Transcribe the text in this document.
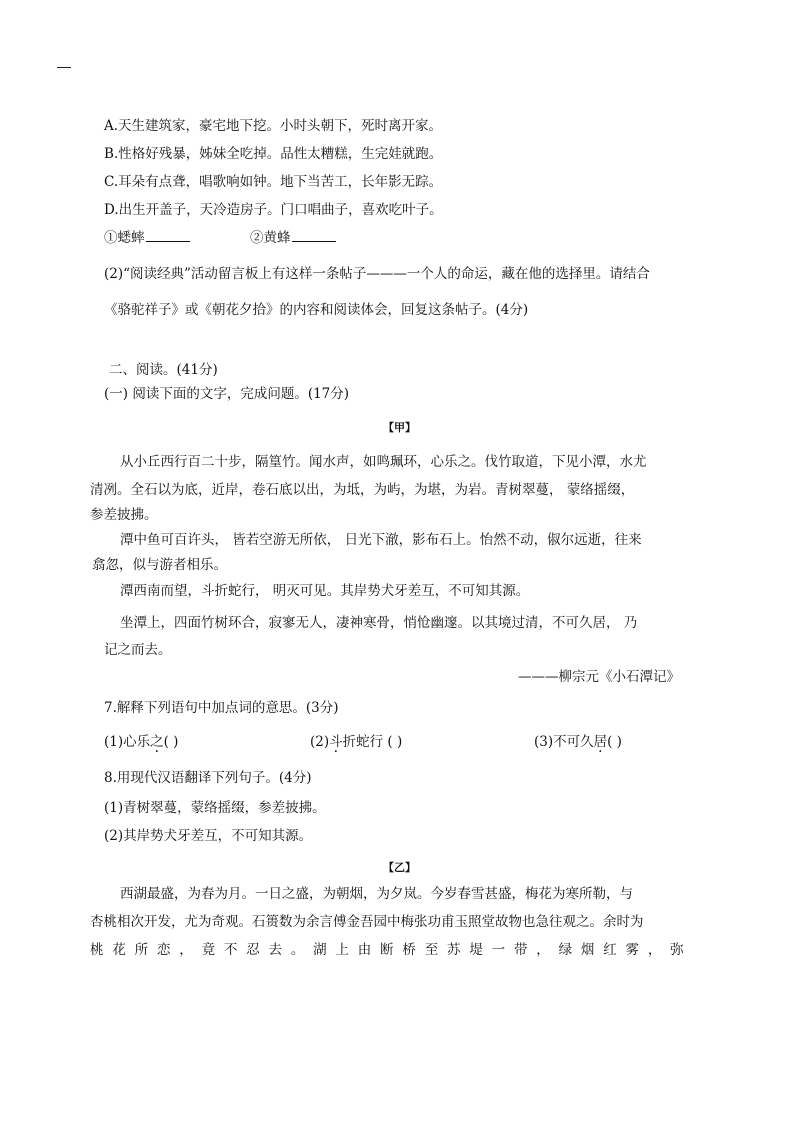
A.天生建筑家，豪宅地下挖。小时头朝下，死时离开家。
B.性格好残暴，姊妹全吃掉。品性太糟糕，生完娃就跑。
C.耳朵有点聋，唱歌响如钟。地下当苦工，长年影无踪。
D.出生开盖子，天冷造房子。门口唱曲子，喜欢吃叶子。
①蟋蟀	②黄蜂
(2)“阅读经典”活动留言板上有这样一条帖子———一个人的命运，藏在他的选择里。请结合
《骆驼祥子》或《朝花夕拾》的内容和阅读体会，回复这条帖子。(4分)
二、阅读。(41分)
(一) 阅读下面的文字，完成问题。(17分)
【甲】
从小丘西行百二十步，隔篁竹。闻水声，如鸣珮环，心乐之。伐竹取道，下见小潭，水尤
清冽。全石以为底，近岸，卷石底以出，为坻，为屿，为堪，为岩。青树翠蔓， 蒙络摇缀，
参差披拂。
潭中鱼可百许头， 皆若空游无所依， 日光下澈，影布石上。怡然不动，俶尔远逝，往来
翕忽，似与游者相乐。
潭西南而望，斗折蛇行， 明灭可见。其岸势犬牙差互，不可知其源。
坐潭上，四面竹树环合，寂寥无人，凄神寒骨，悄怆幽邃。以其境过清，不可久居， 乃
记之而去。
———柳宗元《小石潭记》
7.解释下列语句中加点词的意思。(3分)
(1)心乐之( )	(2)斗折蛇行 ( )	(3)不可久居( )
8.用现代汉语翻译下列句子。(4分)
(1)青树翠蔓，蒙络摇缀，参差披拂。
(2)其岸势犬牙差互，不可知其源。
【乙】
西湖最盛，为春为月。一日之盛，为朝烟，为夕岚。今岁春雪甚盛，梅花为寒所勒，与
杏桃相次开发，尤为奇观。石篑数为余言傅金吾园中梅张功甫玉照堂故物也急往观之。余时为
桃 花 所 恋 ， 竟 不 忍 去 。 湖 上 由 断 桥 至 苏 堤 一 带 ， 绿 烟 红 雾 ， 弥
